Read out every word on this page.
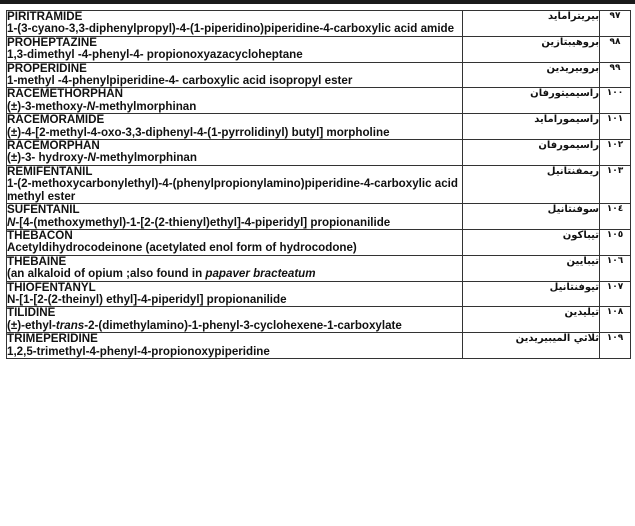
PIRITRAMIDE
1-(3-cyano-3,3-diphenylpropyl)-4-(1-piperidino)piperidine-4-carboxylic acid amide	بيريترامايد	٩٧

PROHEPTAZINE
1,3-dimethyl -4-phenyl-4- propionoxyazacycloheptane	بروهيبتازين	٩٨

PROPERIDINE
1-methyl -4-phenylpiperidine-4- carboxylic acid isopropyl ester	بروبيريدين	٩٩

RACEMETHORPHAN
(±)-3-methoxy-N-methylmorphinan	راسيميتورفان	١٠٠

RACEMORAMIDE
(±)-4-[2-methyl-4-oxo-3,3-diphenyl-4-(1-pyrrolidinyl) butyl] morpholine	راسيمورامايد	١٠١

RACEMORPHAN
(±)-3- hydroxy-N-methylmorphinan	راسيمورفان	١٠٢

REMIFENTANIL
1-(2-methoxycarbonylethyl)-4-(phenylpropionylamino)piperidine-4-carboxylic acid methyl ester	ريمفنتانيل	١٠٣

SUFENTANIL
N-[4-(methoxymethyl)-1-[2-(2-thienyl)ethyl]-4-piperidyl] propionanilide	سوفنتانيل	١٠٤

THEBACON
Acetyldihydrocodeinone (acetylated enol form of hydrocodone)	تيباكون	١٠٥

THEBAINE
(an alkaloid of opium ;also found in papaver bracteatum	تيبايين	١٠٦

THIOFENTANYL
N-[1-[2-(2-theinyl) ethyl]-4-piperidyl] propionanilide	تيوفنتانيل	١٠٧

TILIDINE
(±)-ethyl-trans-2-(dimethylamino)-1-phenyl-3-cyclohexene-1-carboxylate	تيليدين	١٠٨

TRIMEPERIDINE
1,2,5-trimethyl-4-phenyl-4-propionoxypiperidine	ثلاثي الميبيريدين	١٠٩
